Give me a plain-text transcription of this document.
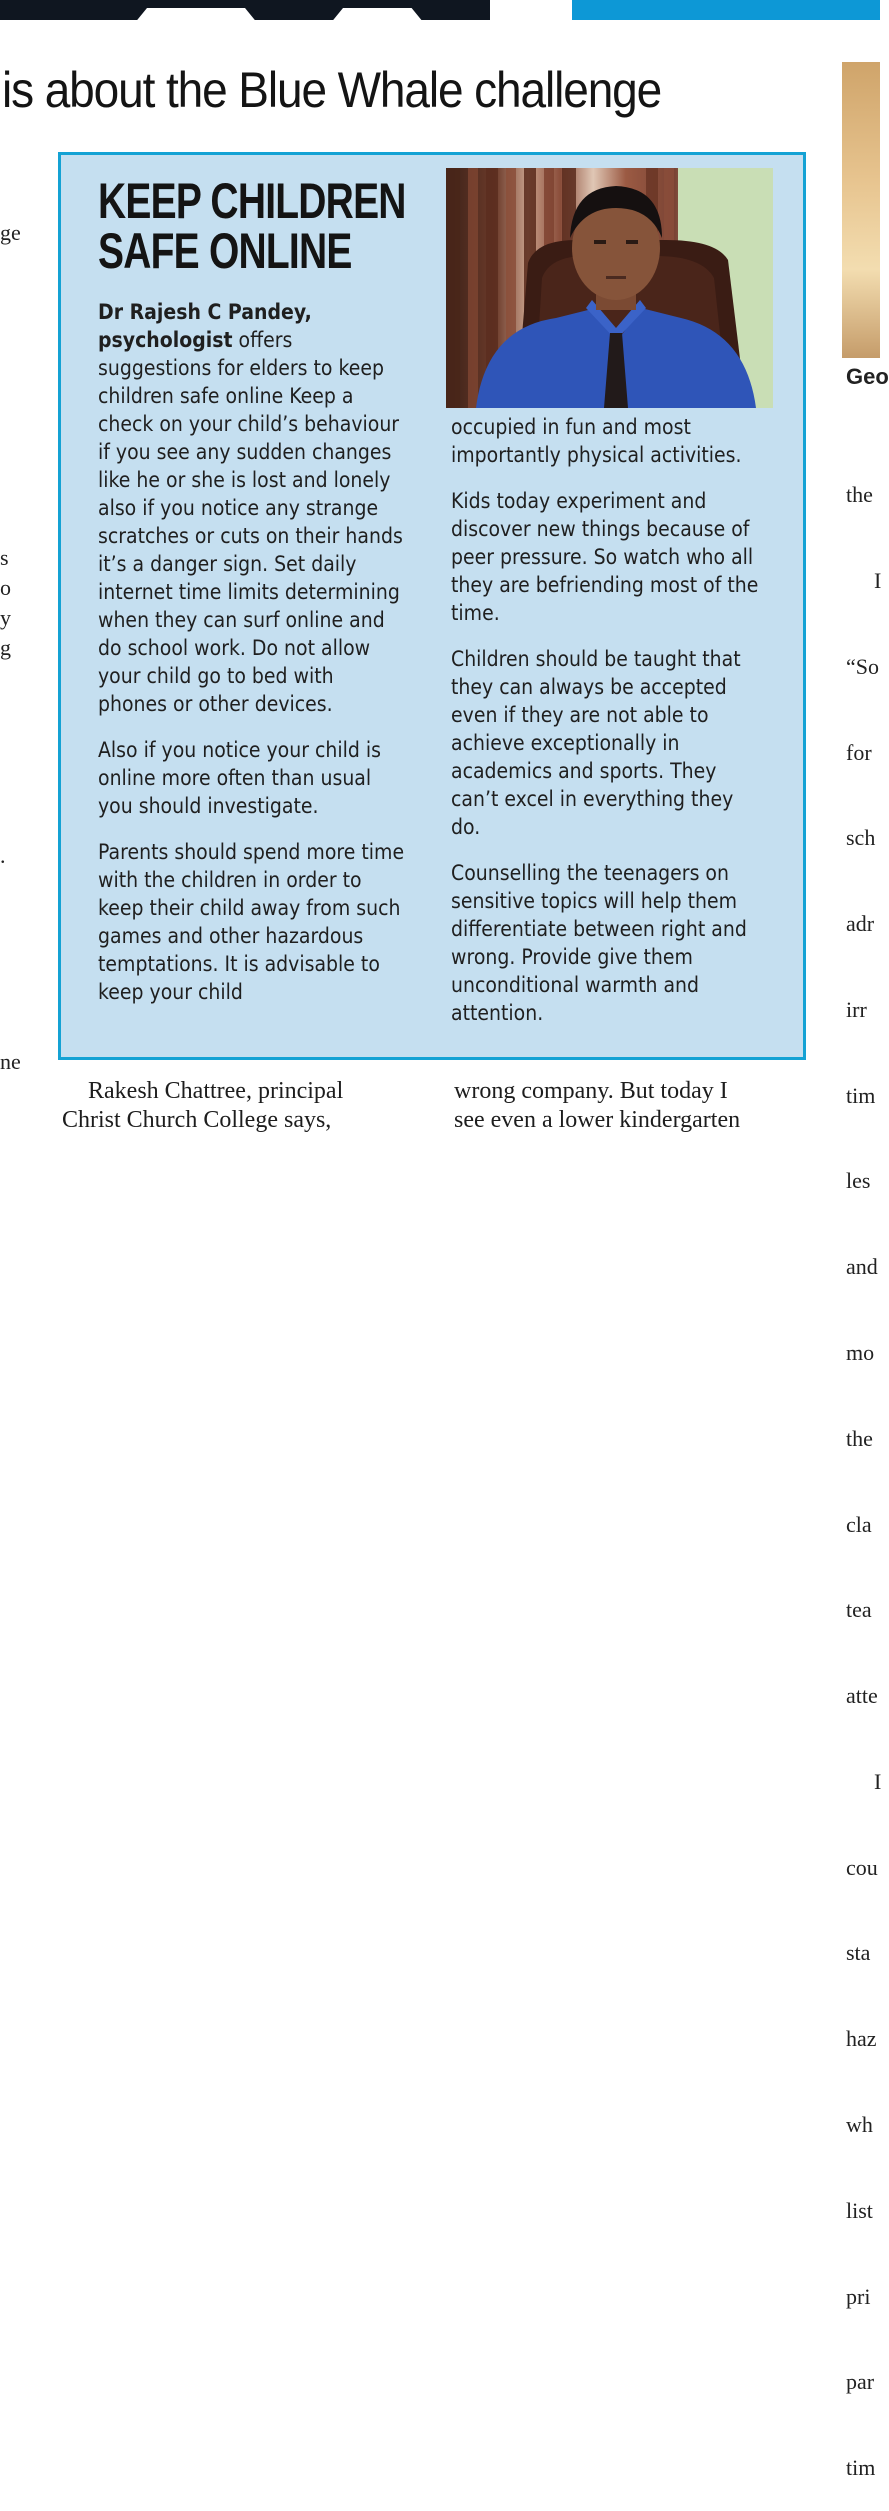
is about the Blue Whale challenge
ge
s
o
y
g
.
ne
KEEP CHILDREN
SAFE ONLINE

Dr Rajesh C Pandey, psychologist offers suggestions for elders to keep children safe online Keep a check on your child’s behaviour if you see any sudden changes like he or she is lost and lonely also if you notice any strange scratches or cuts on their hands it’s a danger sign. Set daily internet time limits determining when they can surf online and do school work. Do not allow your child go to bed with phones or other devices.

Also if you notice your child is online more often than usual you should investigate.

Parents should spend more time with the children in order to keep their child away from such games and other hazardous temptations. It is advisable to keep your child

occupied in fun and most importantly physical activities.

Kids today experiment and discover new things because of peer pressure. So watch who all they are befriending most of the time.

Children should be taught that they can always be accepted even if they are not able to achieve exceptionally in academics and sports. They can’t excel in everything they do.

Counselling the teenagers on sensitive topics will help them differentiate between right and wrong. Provide give them unconditional warmth and attention.

Geo

the

I

“So

for

sch

adr

irr

tim

les

and

mo

the

cla

tea

atte

I

cou

sta

haz

wh

list

pri

par

tim

Rakesh Chattree, principal
Christ Church College says,
wrong company. But today I
see even a lower kindergarten
